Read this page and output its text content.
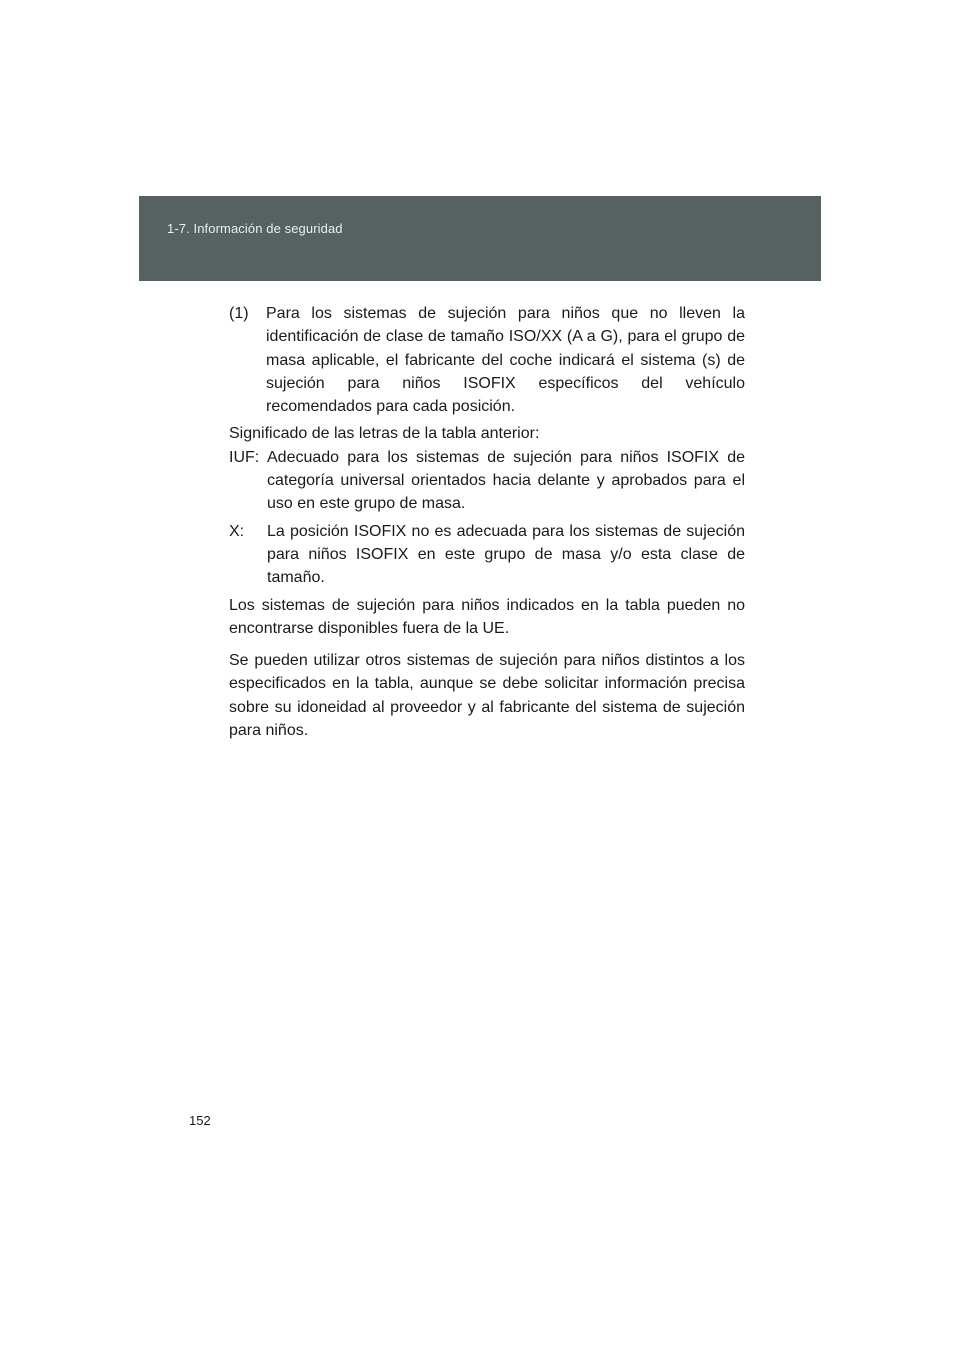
1-7. Información de seguridad
(1)	Para los sistemas de sujeción para niños que no lleven la identificación de clase de tamaño ISO/XX (A a G), para el grupo de masa aplicable, el fabricante del coche indicará el sistema (s) de sujeción para niños ISOFIX específicos del vehículo recomendados para cada posición.

Significado de las letras de la tabla anterior:

IUF: Adecuado para los sistemas de sujeción para niños ISOFIX de categoría universal orientados hacia delante y aprobados para el uso en este grupo de masa.
X:	La posición ISOFIX no es adecuada para los sistemas de sujeción para niños ISOFIX en este grupo de masa y/o esta clase de tamaño.

Los sistemas de sujeción para niños indicados en la tabla pueden no encontrarse disponibles fuera de la UE.

Se pueden utilizar otros sistemas de sujeción para niños distintos a los especificados en la tabla, aunque se debe solicitar información precisa sobre su idoneidad al proveedor y al fabricante del sistema de sujeción para niños.

152
